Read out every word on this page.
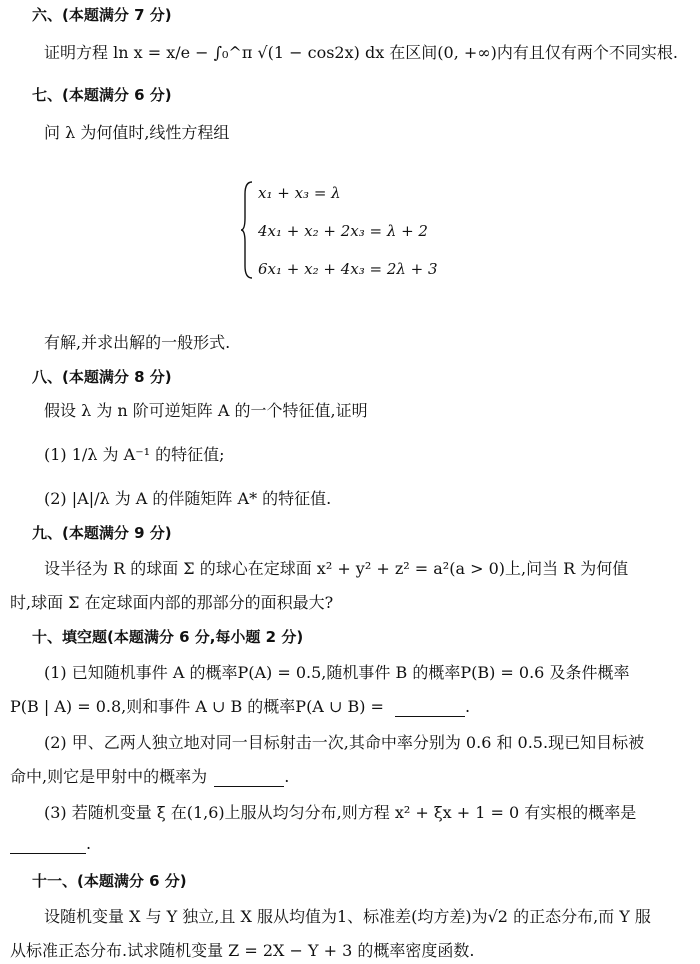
六、(本题满分 7 分)
证明方程 ln x = x/e − ∫₀^π √(1 − cos2x) dx 在区间(0, +∞)内有且仅有两个不同实根.
七、(本题满分 6 分)
问 λ 为何值时,线性方程组
x₁ + x₃ = λ
4x₁ + x₂ + 2x₃ = λ + 2
6x₁ + x₂ + 4x₃ = 2λ + 3
有解,并求出解的一般形式.
八、(本题满分 8 分)
假设 λ 为 n 阶可逆矩阵 A 的一个特征值,证明
(1) 1/λ 为 A⁻¹ 的特征值;
(2) |A|/λ 为 A 的伴随矩阵 A* 的特征值.
九、(本题满分 9 分)
设半径为 R 的球面 Σ 的球心在定球面 x² + y² + z² = a²(a > 0)上,问当 R 为何值
时,球面 Σ 在定球面内部的那部分的面积最大?
十、填空题(本题满分 6 分,每小题 2 分)
(1) 已知随机事件 A 的概率P(A) = 0.5,随机事件 B 的概率P(B) = 0.6 及条件概率
P(B | A) = 0.8,则和事件 A ∪ B 的概率P(A ∪ B) =	.
(2) 甲、乙两人独立地对同一目标射击一次,其命中率分别为 0.6 和 0.5.现已知目标被
命中,则它是甲射中的概率为	.
(3) 若随机变量 ξ 在(1,6)上服从均匀分布,则方程 x² + ξx + 1 = 0 有实根的概率是
.
十一、(本题满分 6 分)
设随机变量 X 与 Y 独立,且 X 服从均值为1、标准差(均方差)为√2 的正态分布,而 Y 服
从标准正态分布.试求随机变量 Z = 2X − Y + 3 的概率密度函数.
